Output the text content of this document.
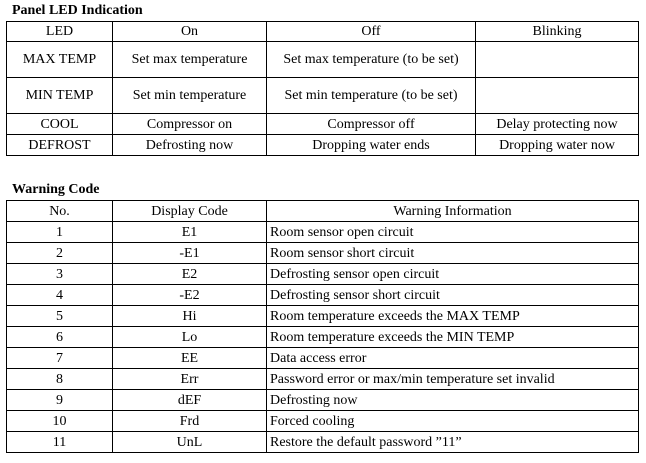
Panel LED Indication
LED	On	Off	Blinking
MAX TEMP	Set max temperature	Set max temperature (to be set)	
MIN TEMP	Set min temperature	Set min temperature (to be set)	
COOL	Compressor on	Compressor off	Delay protecting now
DEFROST	Defrosting now	Dropping water ends	Dropping water now
Warning Code
No.	Display Code	Warning Information
1	E1	Room sensor open circuit
2	-E1	Room sensor short circuit
3	E2	Defrosting sensor open circuit
4	-E2	Defrosting sensor short circuit
5	Hi	Room temperature exceeds the MAX TEMP
6	Lo	Room temperature exceeds the MIN TEMP
7	EE	Data access error
8	Err	Password error or max/min temperature set invalid
9	dEF	Defrosting now
10	Frd	Forced cooling
11	UnL	Restore the default password ”11”
